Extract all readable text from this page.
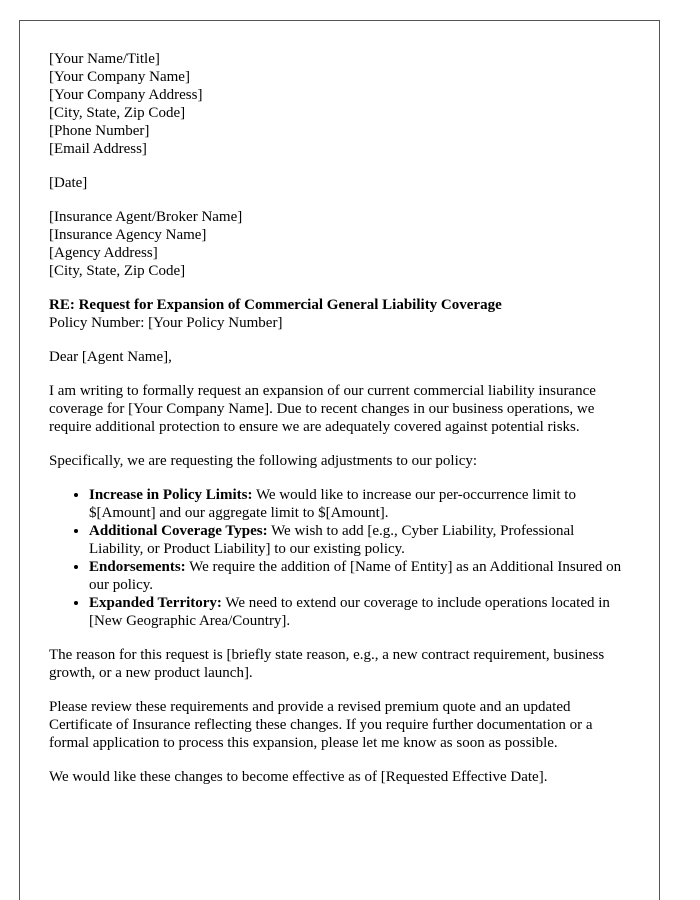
[Your Name/Title]
[Your Company Name]
[Your Company Address]
[City, State, Zip Code]
[Phone Number]
[Email Address]
[Date]
[Insurance Agent/Broker Name]
[Insurance Agency Name]
[Agency Address]
[City, State, Zip Code]
RE: Request for Expansion of Commercial General Liability Coverage
Policy Number: [Your Policy Number]

Dear [Agent Name],

I am writing to formally request an expansion of our current commercial liability insurance coverage for [Your Company Name]. Due to recent changes in our business operations, we require additional protection to ensure we are adequately covered against potential risks.

Specifically, we are requesting the following adjustments to our policy:

• Increase in Policy Limits: We would like to increase our per-occurrence limit to $[Amount] and our aggregate limit to $[Amount].
• Additional Coverage Types: We wish to add [e.g., Cyber Liability, Professional Liability, or Product Liability] to our existing policy.
• Endorsements: We require the addition of [Name of Entity] as an Additional Insured on our policy.
• Expanded Territory: We need to extend our coverage to include operations located in [New Geographic Area/Country].

The reason for this request is [briefly state reason, e.g., a new contract requirement, business growth, or a new product launch].

Please review these requirements and provide a revised premium quote and an updated Certificate of Insurance reflecting these changes. If you require further documentation or a formal application to process this expansion, please let me know as soon as possible.

We would like these changes to become effective as of [Requested Effective Date].
